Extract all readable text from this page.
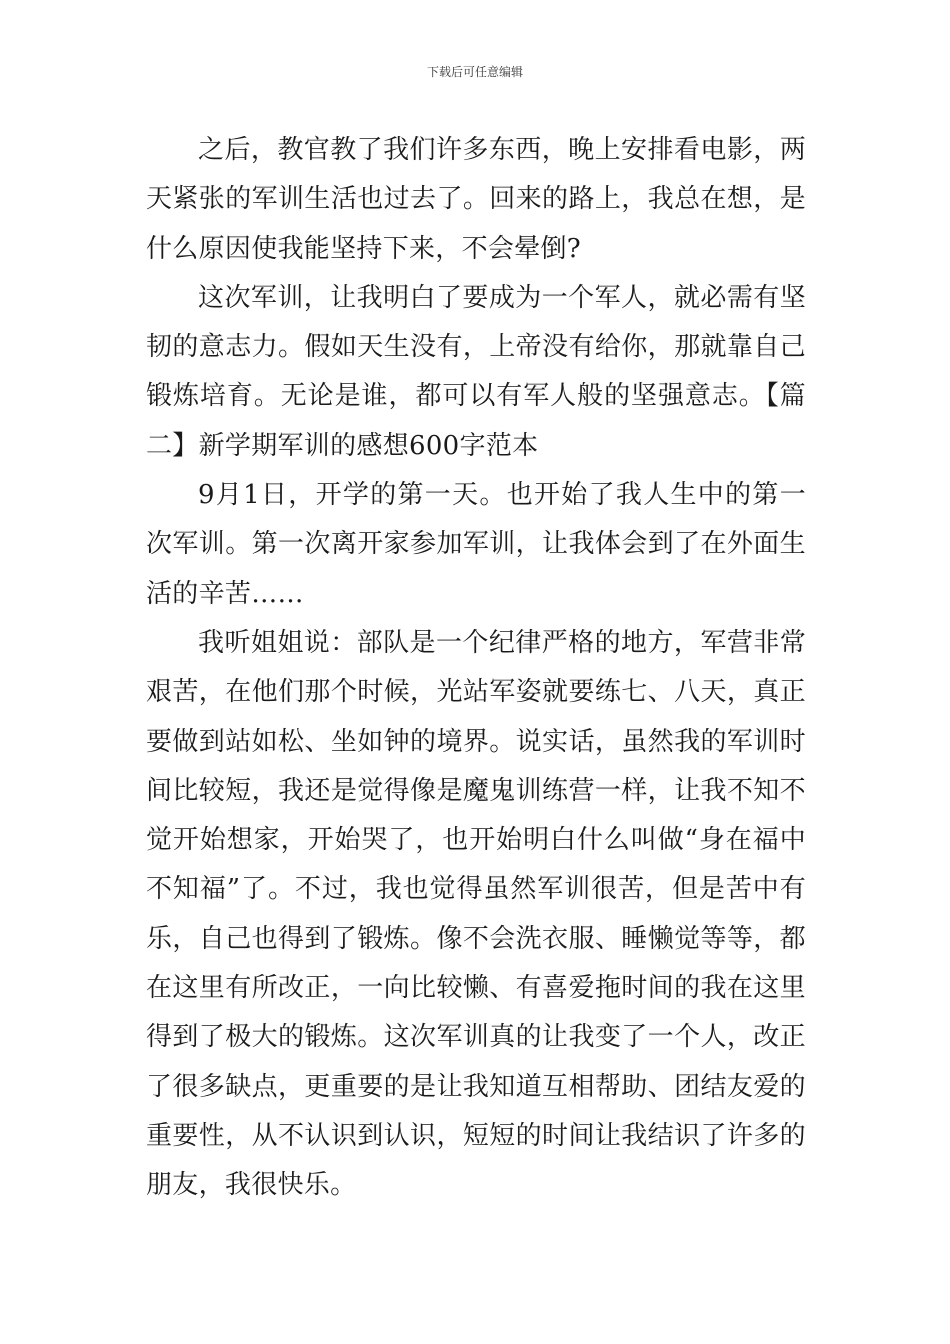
下载后可任意编辑

之后，教官教了我们许多东西，晚上安排看电影，两天紧张的军训生活也过去了。回来的路上，我总在想，是什么原因使我能坚持下来，不会晕倒?

这次军训，让我明白了要成为一个军人，就必需有坚韧的意志力。假如天生没有，上帝没有给你，那就靠自己锻炼培育。无论是谁，都可以有军人般的坚强意志。【篇二】新学期军训的感想600字范本

9月1日，开学的第一天。也开始了我人生中的第一次军训。第一次离开家参加军训，让我体会到了在外面生活的辛苦……

我听姐姐说：部队是一个纪律严格的地方，军营非常艰苦，在他们那个时候，光站军姿就要练七、八天，真正要做到站如松、坐如钟的境界。说实话，虽然我的军训时间比较短，我还是觉得像是魔鬼训练营一样，让我不知不觉开始想家，开始哭了，也开始明白什么叫做“身在福中不知福”了。不过，我也觉得虽然军训很苦，但是苦中有乐，自己也得到了锻炼。像不会洗衣服、睡懒觉等等，都在这里有所改正，一向比较懒、有喜爱拖时间的我在这里得到了极大的锻炼。这次军训真的让我变了一个人，改正了很多缺点，更重要的是让我知道互相帮助、团结友爱的重要性，从不认识到认识，短短的时间让我结识了许多的朋友，我很快乐。
